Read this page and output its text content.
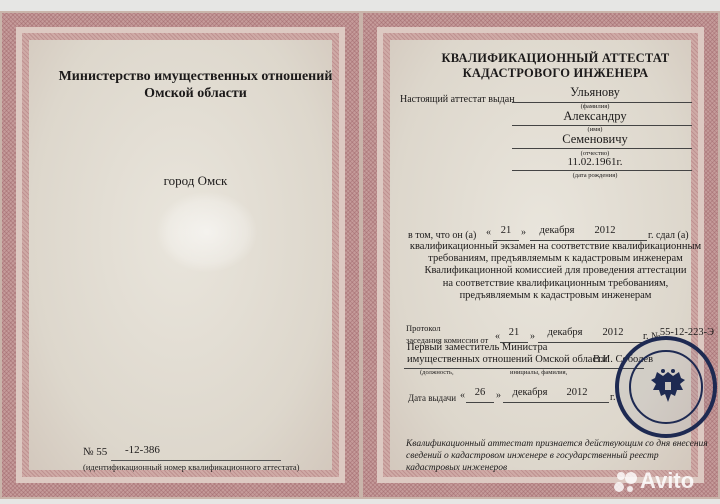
Министерство имущественных отношений
Омской области
город Омск
№ 55 -12-386
(идентификационный номер квалификационного аттестата)
КВАЛИФИКАЦИОННЫЙ АТТЕСТАТ
КАДАСТРОВОГО ИНЖЕНЕРА
Настоящий аттестат выдан
Ульянову
(фамилия)
Александру
(имя)
Семеновичу
(отчество)
11.02.1961г.
(дата рождения)
в том, что он (а) « 21 »	декабря	2012	г. сдал (а)
квалификационный экзамен на соответствие квалификационным
требованиям, предъявляемым к кадастровым инженерам
Квалификационной комиссией для проведения аттестации
на соответствие квалификационным требованиям,
предъявляемым к кадастровым инженерам
Протокол
заседания комиссии от « 21	»	декабря	2012	г. № 55-12-223-Э
Первый заместитель Министра
имущественных отношений Омской области
В.И. Соболев
(должность,	инициалы, фамилия,
Дата выдачи « 26	»	декабря	2012	г.
Квалификационный аттестат признается действующим со дня внесения
сведений о кадастровом инженере в государственный реестр
кадастровых инженеров	Avito
